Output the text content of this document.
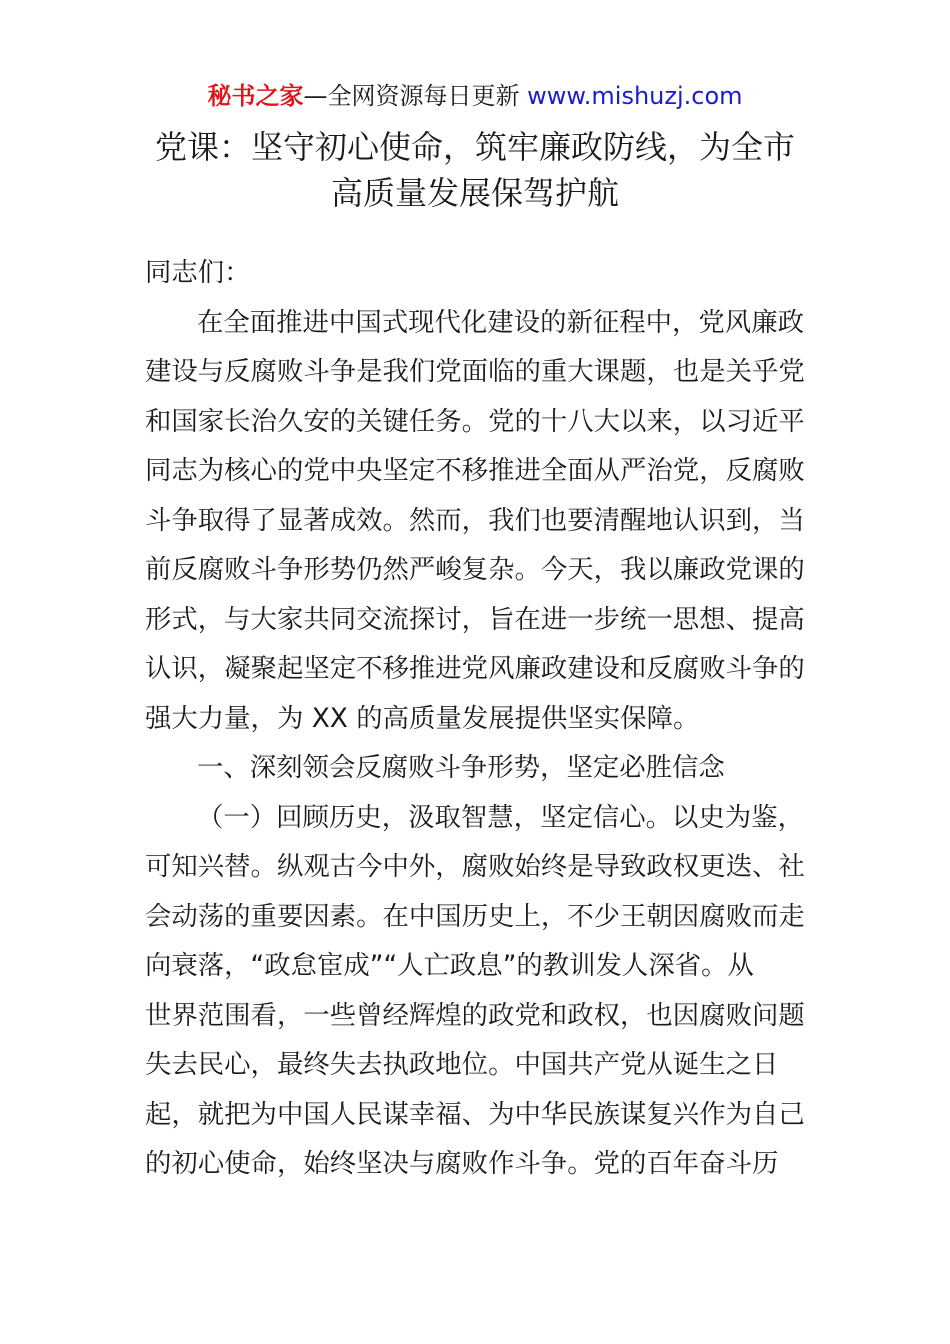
秘书之家—全网资源每日更新 www.mishuzj.com
党课：坚守初心使命，筑牢廉政防线，为全市
高质量发展保驾护航
同志们：
在全面推进中国式现代化建设的新征程中，党风廉政
建设与反腐败斗争是我们党面临的重大课题，也是关乎党
和国家长治久安的关键任务。党的十八大以来，以习近平
同志为核心的党中央坚定不移推进全面从严治党，反腐败
斗争取得了显著成效。然而，我们也要清醒地认识到，当
前反腐败斗争形势仍然严峻复杂。今天，我以廉政党课的
形式，与大家共同交流探讨，旨在进一步统一思想、提高
认识，凝聚起坚定不移推进党风廉政建设和反腐败斗争的
强大力量，为 XX 的高质量发展提供坚实保障。
一、深刻领会反腐败斗争形势，坚定必胜信念
（一）回顾历史，汲取智慧，坚定信心。以史为鉴，
可知兴替。纵观古今中外，腐败始终是导致政权更迭、社
会动荡的重要因素。在中国历史上，不少王朝因腐败而走
向衰落，“政怠宦成”“人亡政息”的教训发人深省。从
世界范围看，一些曾经辉煌的政党和政权，也因腐败问题
失去民心，最终失去执政地位。中国共产党从诞生之日
起，就把为中国人民谋幸福、为中华民族谋复兴作为自己
的初心使命，始终坚决与腐败作斗争。党的百年奋斗历
